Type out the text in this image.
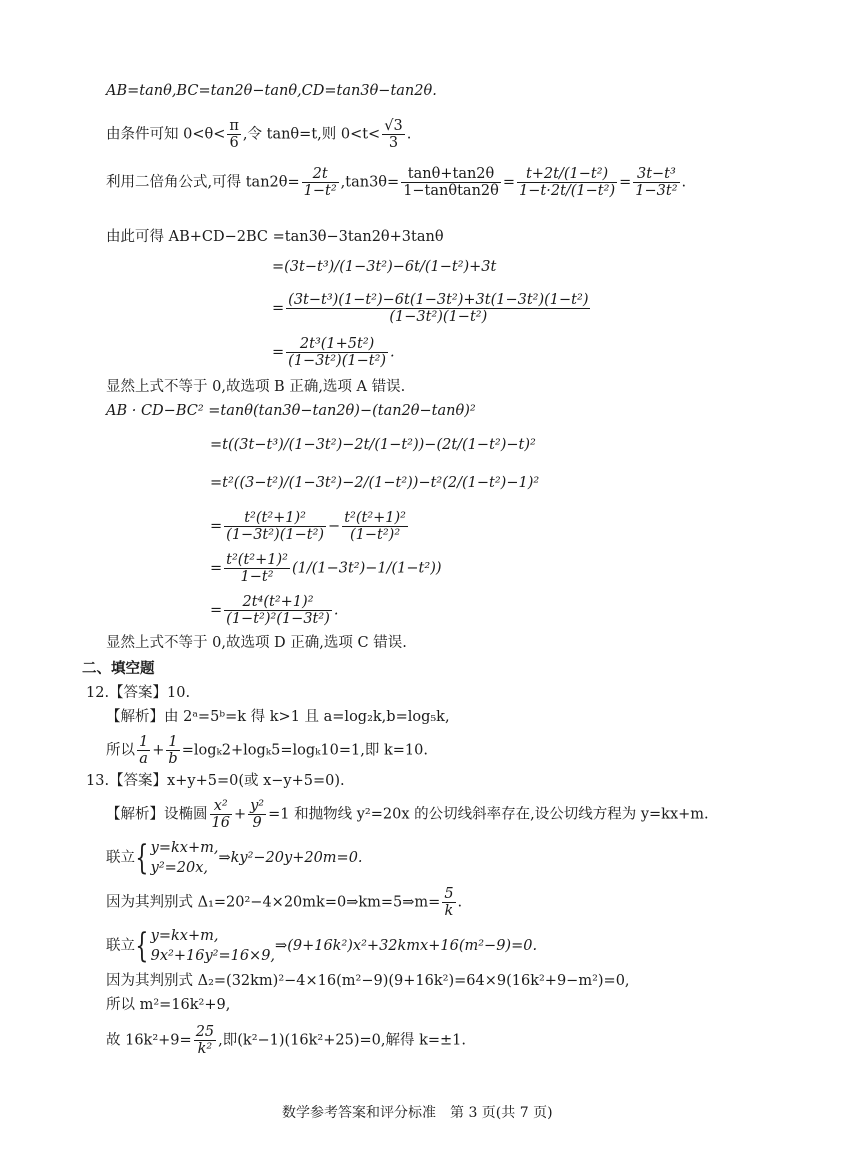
AB=tanθ,BC=tan2θ−tanθ,CD=tan3θ−tan2θ.
由条件可知 $0<\theta< \frac{\pi}{6}$ ,令 tanθ=t,则 $0<t< \frac{√3}{3}$ .
利用二倍角公式,可得 $\tan 2\theta= \frac{2t}{\text{1−t²}} ,\tan 3\theta= \frac{\tan\theta+\tan 2\theta}{1-\tan\theta\tan 2\theta} = \frac{\text{t+2t/(1−t²)}}{\text{1−t·2t/(1−t²)}} = \frac{\text{3t−t³}}{\text{1−3t²}}$ .
由此可得 AB+CD−2BC =tan3θ−3tan2θ+3tanθ
=(3t−t³)/(1−3t²)−6t/(1−t²)+3t
= $\frac{\text{(3t−t³)(1−t²)−6t(1−3t²)+3t(1−3t²)(1−t²)}}{\text{(1−3t²)(1−t²)}}$
= $\frac{\text{2t³(1+5t²)}}{\text{(1−3t²)(1−t²)}}$ .
显然上式不等于 0,故选项 B 正确,选项 A 错误.
AB · CD−BC² =tanθ(tan3θ−tan2θ)−(tan2θ−tanθ)²
=t((3t−t³)/(1−3t²)−2t/(1−t²))−(2t/(1−t²)−t)²
=t²((3−t²)/(1−3t²)−2/(1−t²))−t²(2/(1−t²)−1)²
= $\frac{\text{t²(t²+1)²}}{\text{(1−3t²)(1−t²)}} - \frac{\text{t²(t²+1)²}}{\text{(1−t²)²}}$
= $\frac{\text{t²(t²+1)²}}{\text{1−t²}} (1/(1-3t^2)-1/(1-t^2))$
= $\frac{\text{2t⁴(t²+1)²}}{\text{(1−t²)²(1−3t²)}}$ .
显然上式不等于 0,故选项 D 正确,选项 C 错误.
二、填空题
12.【答案】10.
【解析】由 2ᵃ=5ᵇ=k 得 k>1 且 a=log₂k,b=log₅k,
所以 $\frac{1}{a} + \frac{1}{b} =\log_k2+\log_k5=\log_k10=1$,即 k=10.
13.【答案】x+y+5=0(或 x−y+5=0).
【解析】设椭圆 $\frac{\text{x²}}{16} + \frac{\text{y²}}{9} =1$ 和抛物线 y²=20x 的公切线斜率存在,设公切线方程为 y=kx+m.
联立{ y=kx+m,
y²=20x,
⇒ky²−20y+20m=0.
因为其判别式 Δ₁=20²−4×20mk=0⇒km=5⇒m= $\frac{5}{k}$ .
联立{ y=kx+m,
9x²+16y²=16×9,
⇒(9+16k²)x²+32kmx+16(m²−9)=0.
因为其判别式 Δ₂=(32km)²−4×16(m²−9)(9+16k²)=64×9(16k²+9−m²)=0,
所以 m²=16k²+9,
故 $16k^2+9= \frac{25}{\text{k²}}$ ,即(k²−1)(16k²+25)=0,解得 k=±1.
数学参考答案和评分标准　第 3 页(共 7 页)
